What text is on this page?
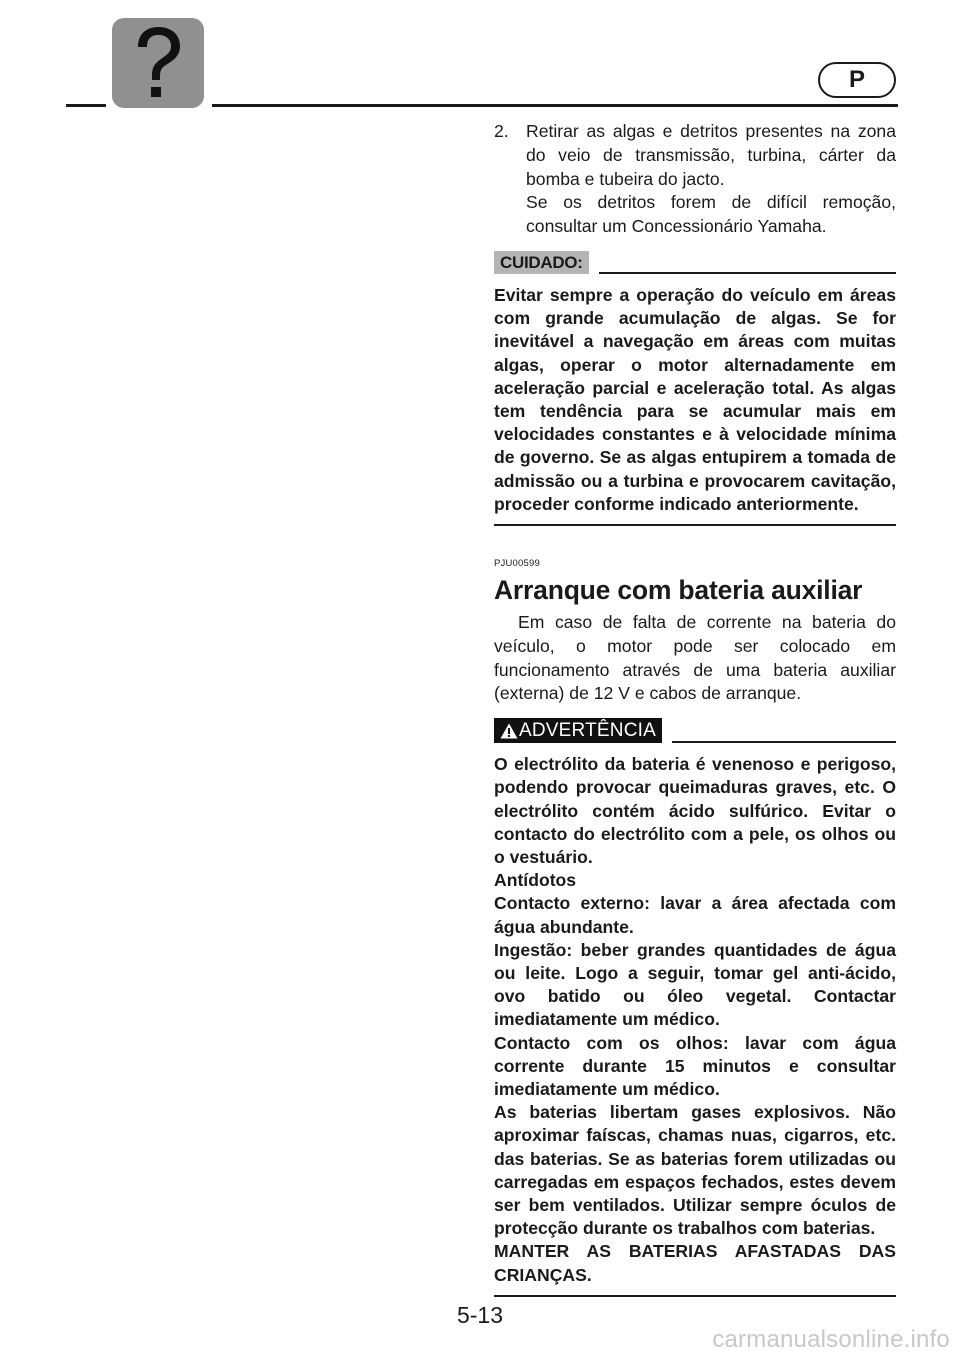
P
2. Retirar as algas e detritos presentes na zona do veio de transmissão, turbina, cárter da bomba e tubeira do jacto.

Se os detritos forem de difícil remoção, consultar um Concessionário Yamaha.

CUIDADO:

Evitar sempre a operação do veículo em áreas com grande acumulação de algas. Se for inevitável a navegação em áreas com muitas algas, operar o motor alternadamente em aceleração parcial e aceleração total. As algas tem tendência para se acumular mais em velocidades constantes e à velocidade mínima de governo. Se as algas entupirem a tomada de admissão ou a turbina e provocarem cavitação, proceder conforme indicado anteriormente.

PJU00599
Arranque com bateria auxiliar
Em caso de falta de corrente na bateria do veículo, o motor pode ser colocado em funcionamento através de uma bateria auxiliar (externa) de 12 V e cabos de arranque.
ADVERTÊNCIA

O electrólito da bateria é venenoso e perigoso, podendo provocar queimaduras graves, etc. O electrólito contém ácido sulfúrico. Evitar o contacto do electrólito com a pele, os olhos ou o vestuário.

Antídotos

Contacto externo: lavar a área afectada com água abundante.

Ingestão: beber grandes quantidades de água ou leite. Logo a seguir, tomar gel anti-ácido, ovo batido ou óleo vegetal. Contactar imediatamente um médico.

Contacto com os olhos: lavar com água corrente durante 15 minutos e consultar imediatamente um médico.

As baterias libertam gases explosivos. Não aproximar faíscas, chamas nuas, cigarros, etc. das baterias. Se as baterias forem utilizadas ou carregadas em espaços fechados, estes devem ser bem ventilados. Utilizar sempre óculos de protecção durante os trabalhos com baterias.

MANTER AS BATERIAS AFASTADAS DAS CRIANÇAS.

5-13
carmanualsonline.info
